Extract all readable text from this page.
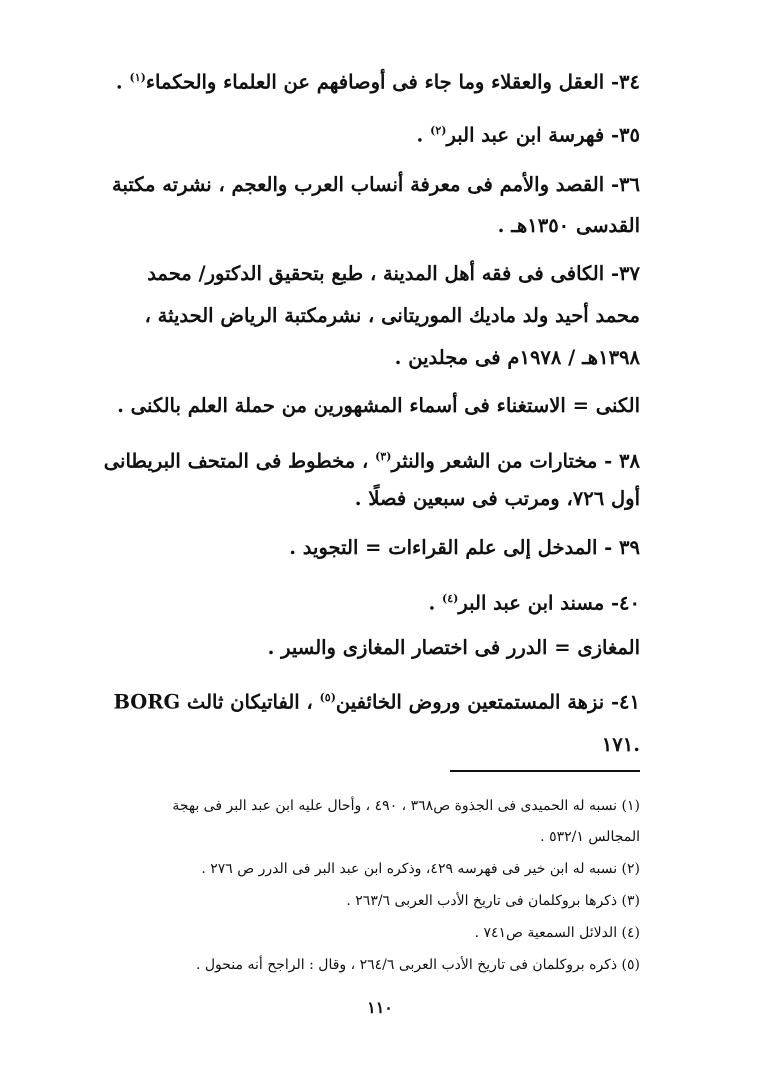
٣٤- العقل والعقلاء وما جاء فى أوصافهم عن العلماء والحكماء$^{(١)}$ .
٣٥- فهرسة ابن عبد البر$^{(٢)}$ .
٣٦- القصد والأمم فى معرفة أنساب العرب والعجم ، نشرته مكتبة
القدسى ١٣٥٠هـ .
٣٧- الكافى فى فقه أهل المدينة ، طبع بتحقيق الدكتور/ محمد
محمد أحيد ولد ماديك الموريتانى ، نشرمكتبة الرياض الحديثة ،
١٣٩٨هـ / ١٩٧٨م فى مجلدين .
الكنى = الاستغناء فى أسماء المشهورين من حملة العلم بالكنى .
٣٨ - مختارات من الشعر والنثر$^{(٣)}$ ، مخطوط فى المتحف البريطانى
أول ٧٢٦، ومرتب فى سبعين فصلًا .
٣٩ - المدخل إلى علم القراءات = التجويد .
٤٠- مسند ابن عبد البر$^{(٤)}$ .
المغازى = الدرر فى اختصار المغازى والسير .
٤١- نزهة المستمتعين وروض الخائفين$^{(٥)}$ ، الفاتيكان ثالث BORG
١٧١.
(١) نسبه له الحميدى فى الجذوة ص٣٦٨ ، ٤٩٠ ، وأحال عليه ابن عبد البر فى بهجة
المجالس ٥٣٢/١ .
(٢) نسبه له ابن خير فى فهرسه ٤٢٩، وذكره ابن عبد البر فى الدرر ص ٢٧٦ .
(٣) ذكرها بروكلمان فى تاريخ الأدب العربى ٢٦٣/٦ .
(٤) الدلائل السمعية ص٧٤١ .
(٥) ذكره بروكلمان فى تاريخ الأدب العربى ٢٦٤/٦ ، وقال : الراجح أنه منحول .
١١٠
